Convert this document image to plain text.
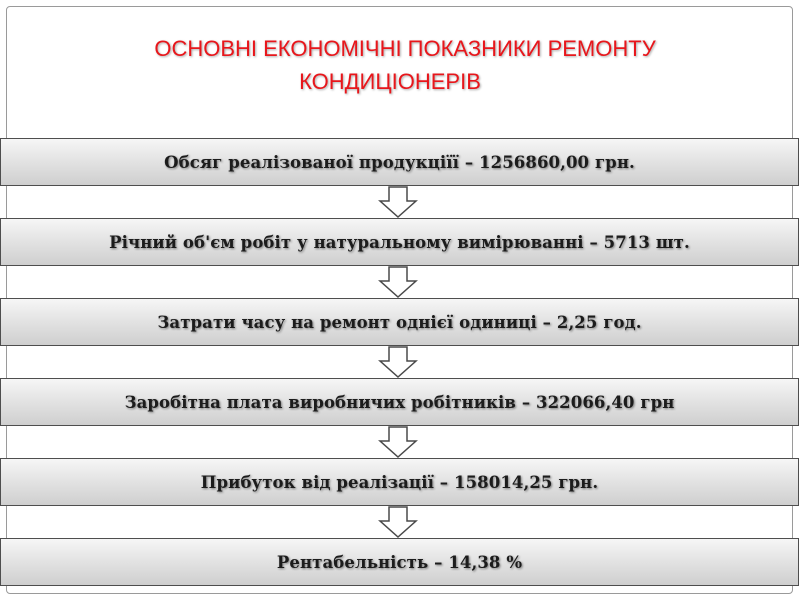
ОСНОВНІ ЕКОНОМІЧНІ ПОКАЗНИКИ РЕМОНТУ
КОНДИЦІОНЕРІВ
Обсяг реалізованої продукціїї – 1256860,00 грн.
Річний об'єм робіт у натуральному вимірюванні – 5713 шт.
Затрати часу на ремонт однієї одиниці – 2,25 год.
Заробітна плата виробничих робітників – 322066,40 грн
Прибуток від реалізації – 158014,25 грн.
Рентабельність – 14,38 %
